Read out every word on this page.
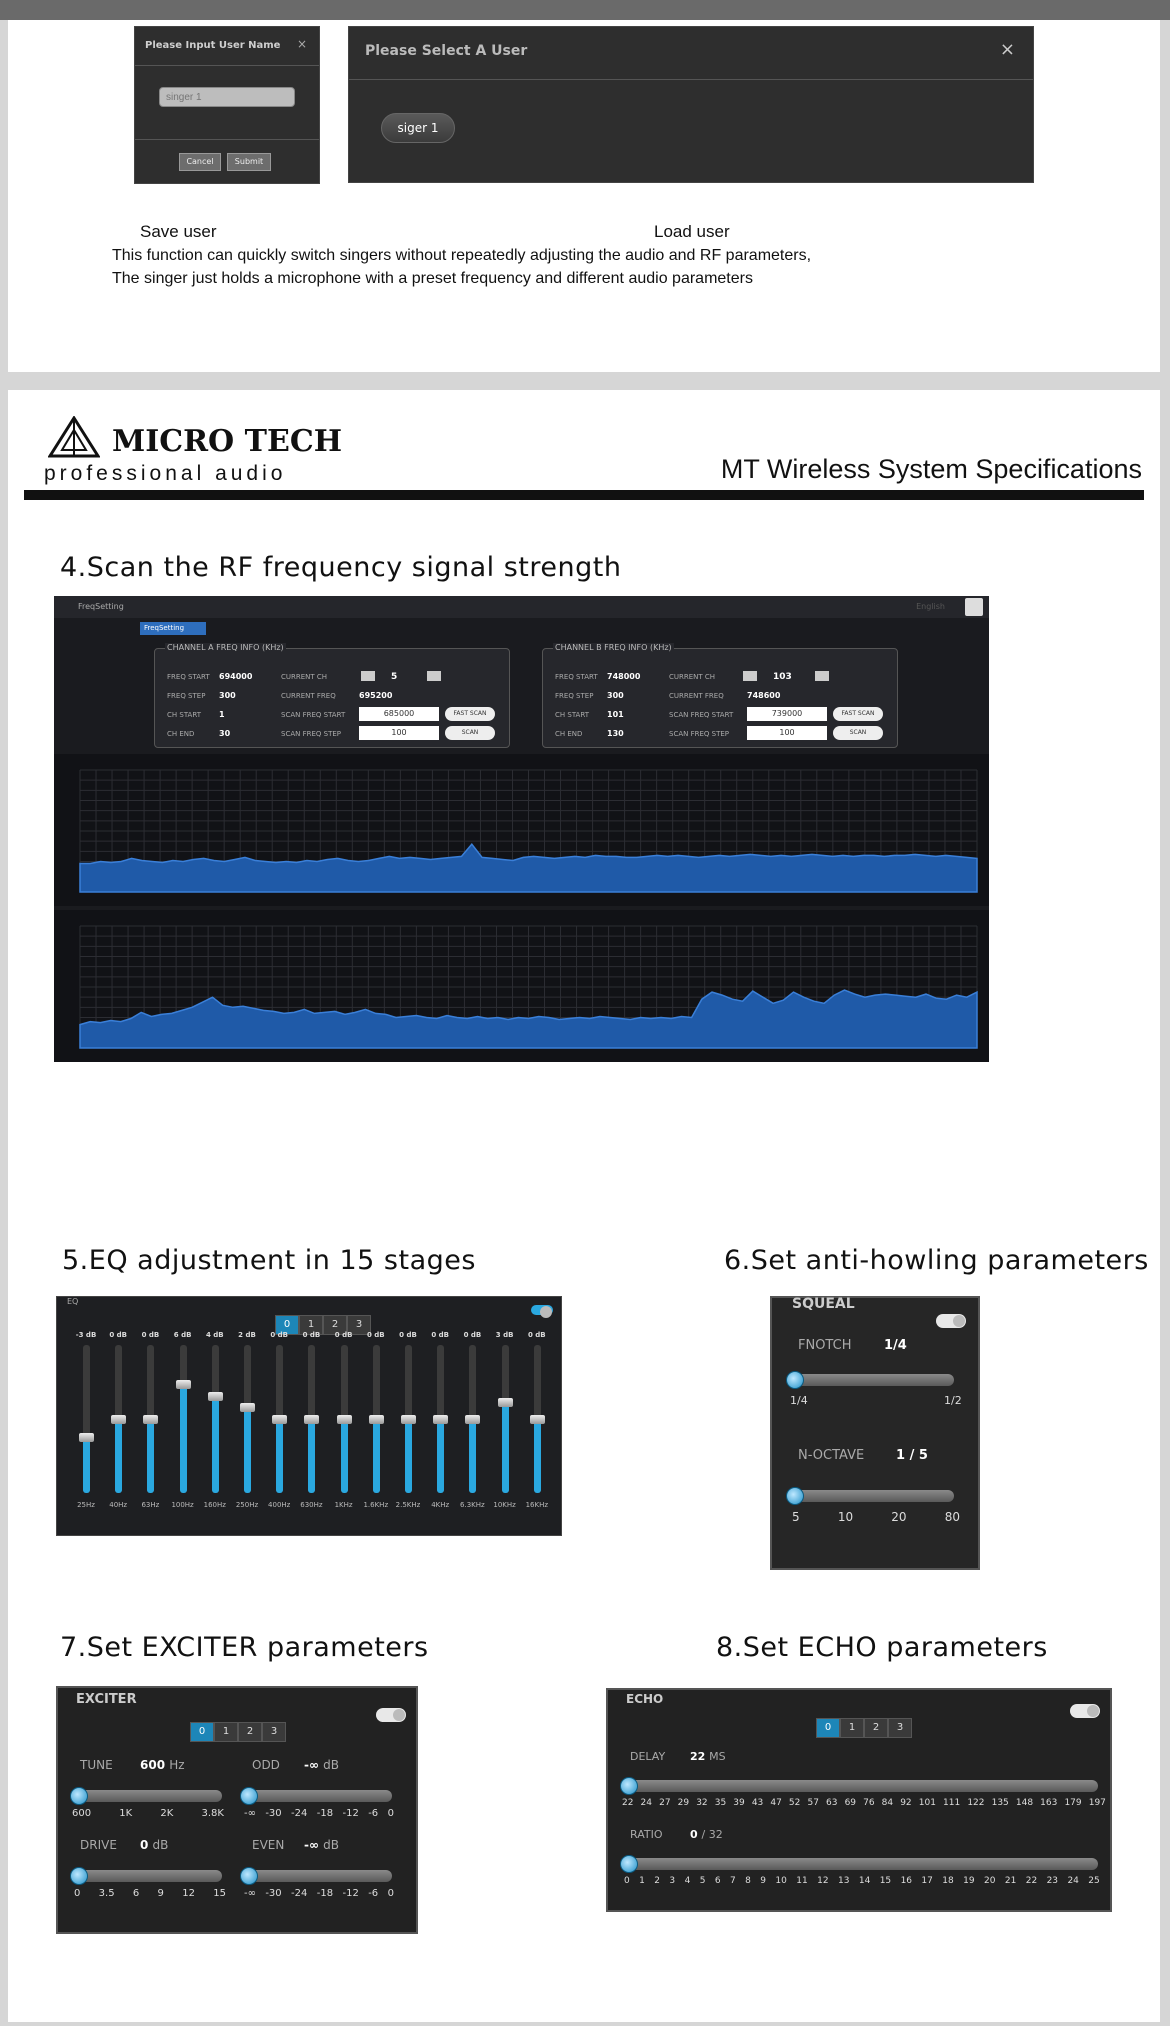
Please Input User Name ×
singer 1
Cancel	Submit
Please Select A User	×
siger 1
Save user	Load user
This function can quickly switch singers without repeatedly adjusting the audio and RF parameters,
The singer just holds a microphone with a preset frequency and different audio parameters
MICRO TECH
professional audio	MT Wireless System Specifications
4.Scan the RF frequency signal strength
FreqSetting	English
FreqSetting
CHANNEL A FREQ INFO (KHz)
FREQ START 694000
FREQ STEP 300
CH START 1
CH END	30
CURRENT CH	5
CURRENT FREQ	695200
SCAN FREQ START	685000
SCAN FREQ STEP	100
FAST SCAN
SCAN
CHANNEL B FREQ INFO (KHz)
FREQ START 748000
FREQ STEP 300
CH START 101
CH END	130
CURRENT CH	103
CURRENT FREQ	748600
SCAN FREQ START	739000
SCAN FREQ STEP	100
FAST SCAN
SCAN
5.EQ adjustment in 15 stages	6.Set anti-howling parameters
EQ
0	1	2	3
-3 dB
25Hz
0 dB
40Hz
0 dB
63Hz
6 dB
100Hz
4 dB
160Hz
2 dB
250Hz
0 dB
400Hz
0 dB
630Hz
0 dB
1KHz
0 dB
1.6KHz
0 dB
2.5KHz
0 dB
4KHz
0 dB
6.3KHz
3 dB
10KHz
0 dB
16KHz
SQUEAL
FNOTCH	1/4
1/4	1/2
N-OCTAVE 1 / 5
5	10	20	80
7.Set EXCITER parameters	8.Set ECHO parameters
EXCITER
0	1	2	3
TUNE 600 Hz	ODD -∞ dB
600	1K	2K	3.8K -∞ -30 -24 -18 -12 -6 0
DRIVE 0 dB	EVEN -∞ dB
0 3.5 6 9 12 15 -∞ -30 -24 -18 -12 -6 0
ECHO
0	1	2	3
DELAY 22 MS
22 24 27 29 32 35 39 43 47 52 57 63 69 76 84 92 101 111 122 135 148 163 179 197
RATIO	0 / 32
0 1 2 3 4 5 6 7 8 9 10 11 12 13 14 15 16 17 18 19 20 21 22 23 24 25
